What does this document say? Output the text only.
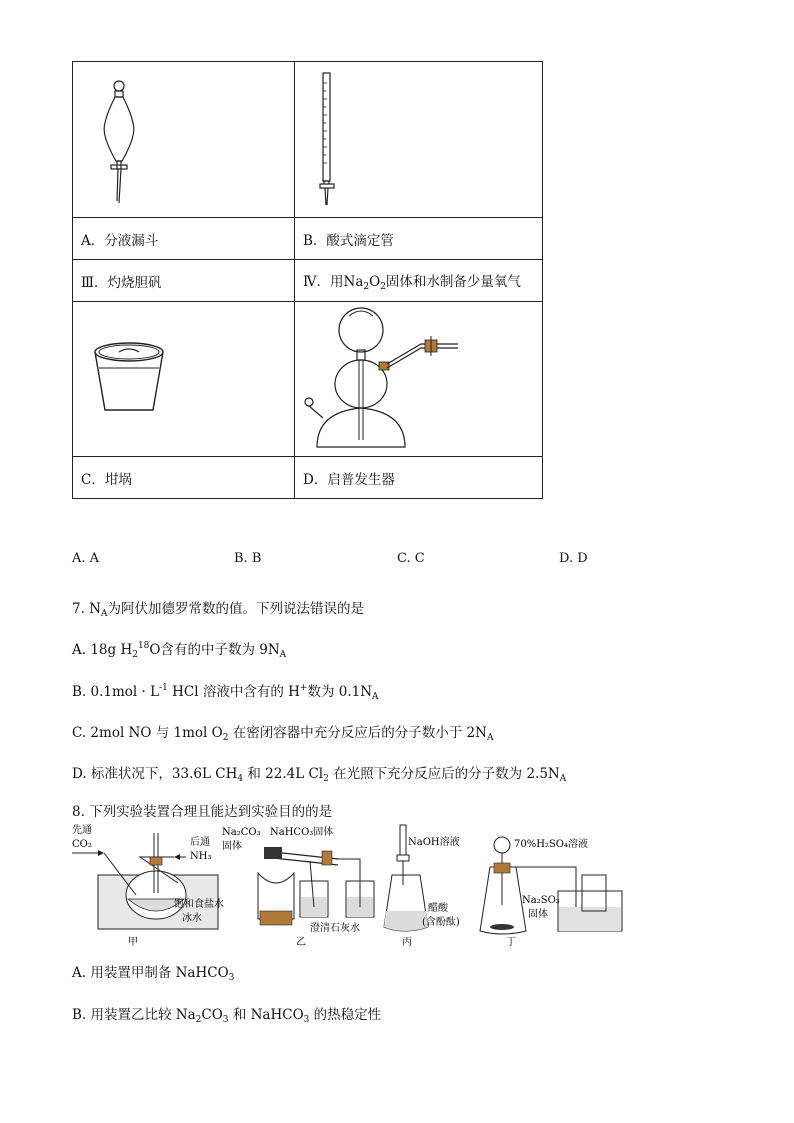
A．分液漏斗	B．酸式滴定管
Ⅲ．灼烧胆矾	Ⅳ．用$Na_2O_2$固体和水制备少量氧气

C．坩埚	D．启普发生器
A. A	B. B	C. C	D. D
7. $N_A$为阿伏加德罗常数的值。下列说法错误的是
A. 18g $H_2^{18}O$含有的中子数为 $9N_A$
B. $0.1mol \cdot L^{-1}$ HCl 溶液中含有的 H+数为 $0.1N_A$
C. 2mol NO 与 1mol $O_2$ 在密闭容器中充分反应后的分子数小于 $2N_A$
D. 标准状况下，33.6L $CH_4$ 和 22.4L $Cl_2$ 在光照下充分反应后的分子数为 $2.5N_A$
8. 下列实验装置合理且能达到实验目的的是
先通
CO₂	后通
NH₃
饱和食盐水
冰水
甲
Na₂CO₃
固体
NaHCO₃固体
澄清石灰水
乙
NaOH溶液
醋酸
(含酚酞)
丙
70%H₂SO₄溶液
Na₂SO₃
固体
丁
A. 用装置甲制备 NaHCO$_3$
B. 用装置乙比较 $Na_2CO_3$ 和 NaHCO$_3$ 的热稳定性
